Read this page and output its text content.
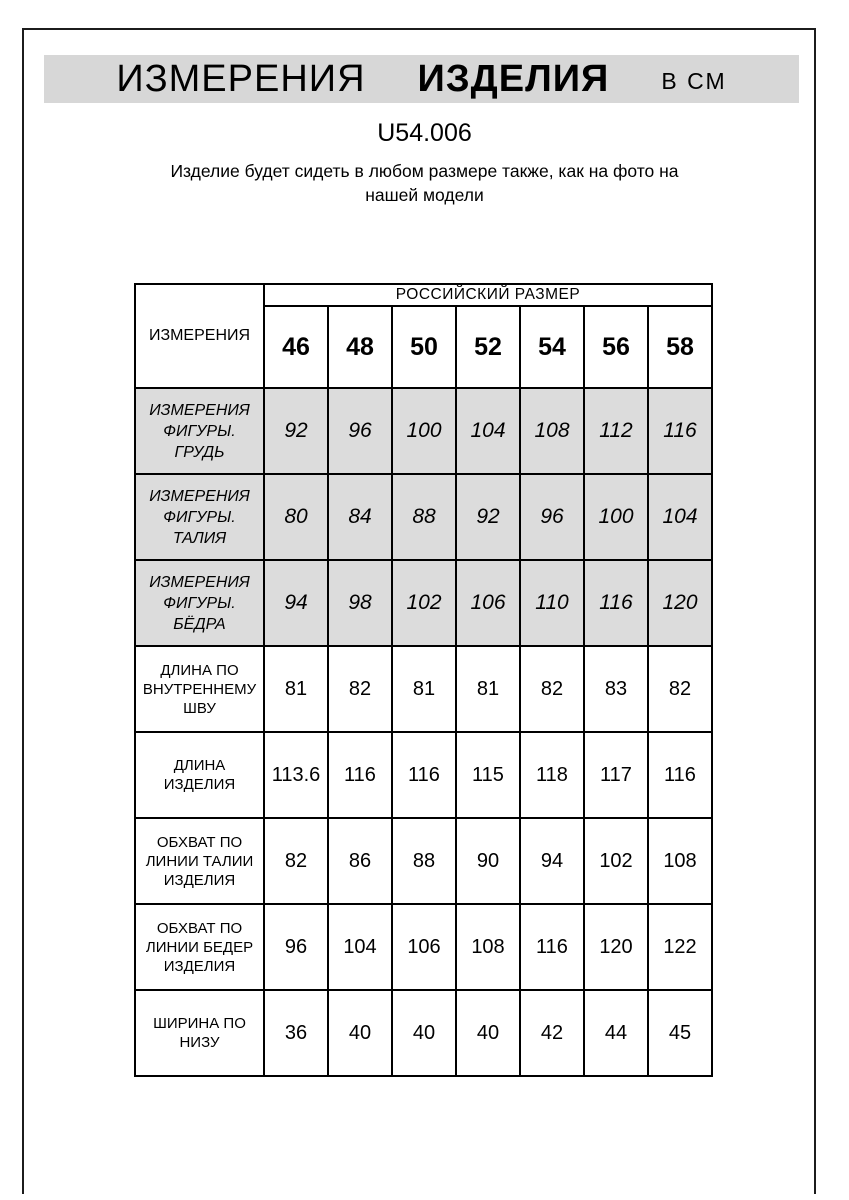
ИЗМЕРЕНИЯ ИЗДЕЛИЯ В СМ
U54.006
Изделие будет сидеть в любом размере также, как на фото на
нашей модели
ИЗМЕРЕНИЯ	РОССИЙСКИЙ РАЗМЕР						
	46	48	50	52	54	56	58
ИЗМЕРЕНИЯ ФИГУРЫ. ГРУДЬ	92	96	100	104	108	112	116
ИЗМЕРЕНИЯ ФИГУРЫ. ТАЛИЯ	80	84	88	92	96	100	104
ИЗМЕРЕНИЯ ФИГУРЫ. БЁДРА	94	98	102	106	110	116	120
ДЛИНА ПО ВНУТРЕННЕМУ ШВУ	81	82	81	81	82	83	82
ДЛИНА ИЗДЕЛИЯ	113.6	116	116	115	118	117	116
ОБХВАТ ПО ЛИНИИ ТАЛИИ ИЗДЕЛИЯ	82	86	88	90	94	102	108
ОБХВАТ ПО ЛИНИИ БЕДЕР ИЗДЕЛИЯ	96	104	106	108	116	120	122
ШИРИНА ПО НИЗУ	36	40	40	40	42	44	45
